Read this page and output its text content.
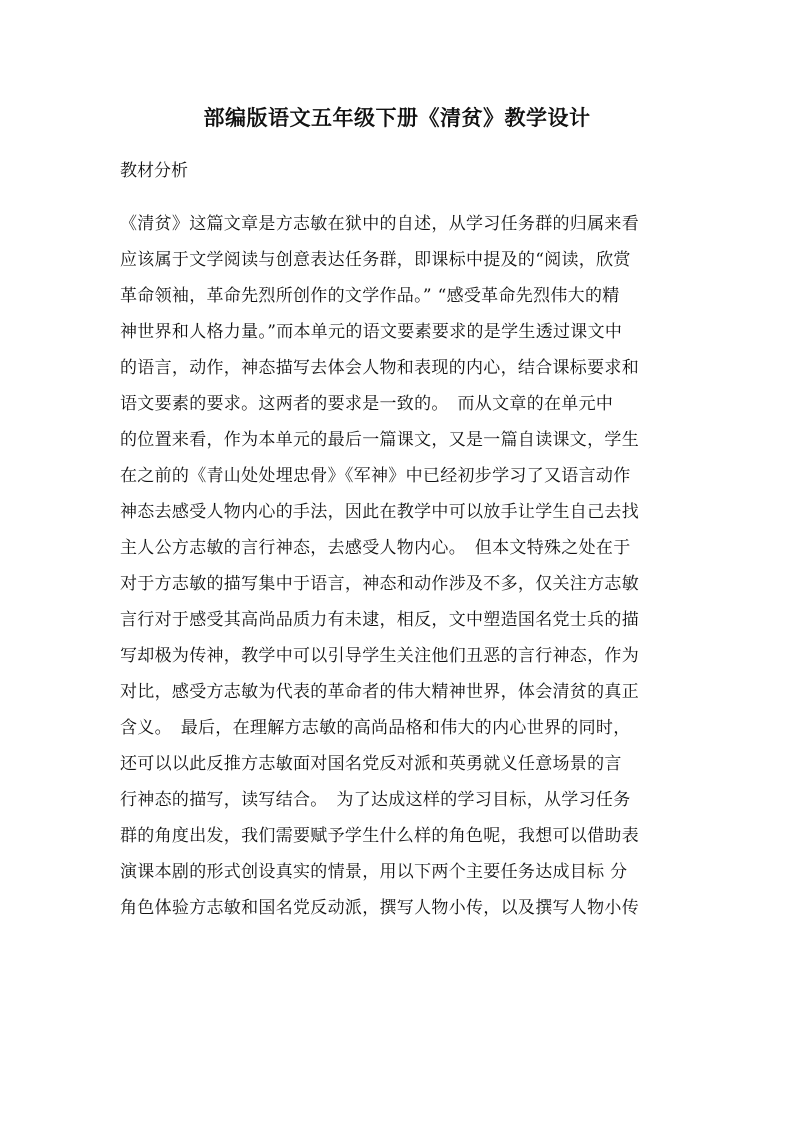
部编版语文五年级下册《清贫》教学设计
教材分析
《清贫》这篇文章是方志敏在狱中的自述，从学习任务群的归属来看
应该属于文学阅读与创意表达任务群，即课标中提及的“阅读，欣赏
革命领袖，革命先烈所创作的文学作品。” “感受革命先烈伟大的精
神世界和人格力量。”而本单元的语文要素要求的是学生透过课文中
的语言，动作，神态描写去体会人物和表现的内心，结合课标要求和
语文要素的要求。这两者的要求是一致的。　而从文章的在单元中
的位置来看，作为本单元的最后一篇课文，又是一篇自读课文，学生
在之前的《青山处处埋忠骨》《军神》中已经初步学习了又语言动作
神态去感受人物内心的手法，因此在教学中可以放手让学生自己去找
主人公方志敏的言行神态，去感受人物内心。　但本文特殊之处在于
对于方志敏的描写集中于语言，神态和动作涉及不多，仅关注方志敏
言行对于感受其高尚品质力有未逮，相反，文中塑造国名党士兵的描
写却极为传神，教学中可以引导学生关注他们丑恶的言行神态，作为
对比，感受方志敏为代表的革命者的伟大精神世界，体会清贫的真正
含义。　最后，在理解方志敏的高尚品格和伟大的内心世界的同时，
还可以以此反推方志敏面对国名党反对派和英勇就义任意场景的言
行神态的描写，读写结合。　为了达成这样的学习目标，从学习任务
群的角度出发，我们需要赋予学生什么样的角色呢，我想可以借助表
演课本剧的形式创设真实的情景，用以下两个主要任务达成目标 分
角色体验方志敏和国名党反动派，撰写人物小传，以及撰写人物小传
